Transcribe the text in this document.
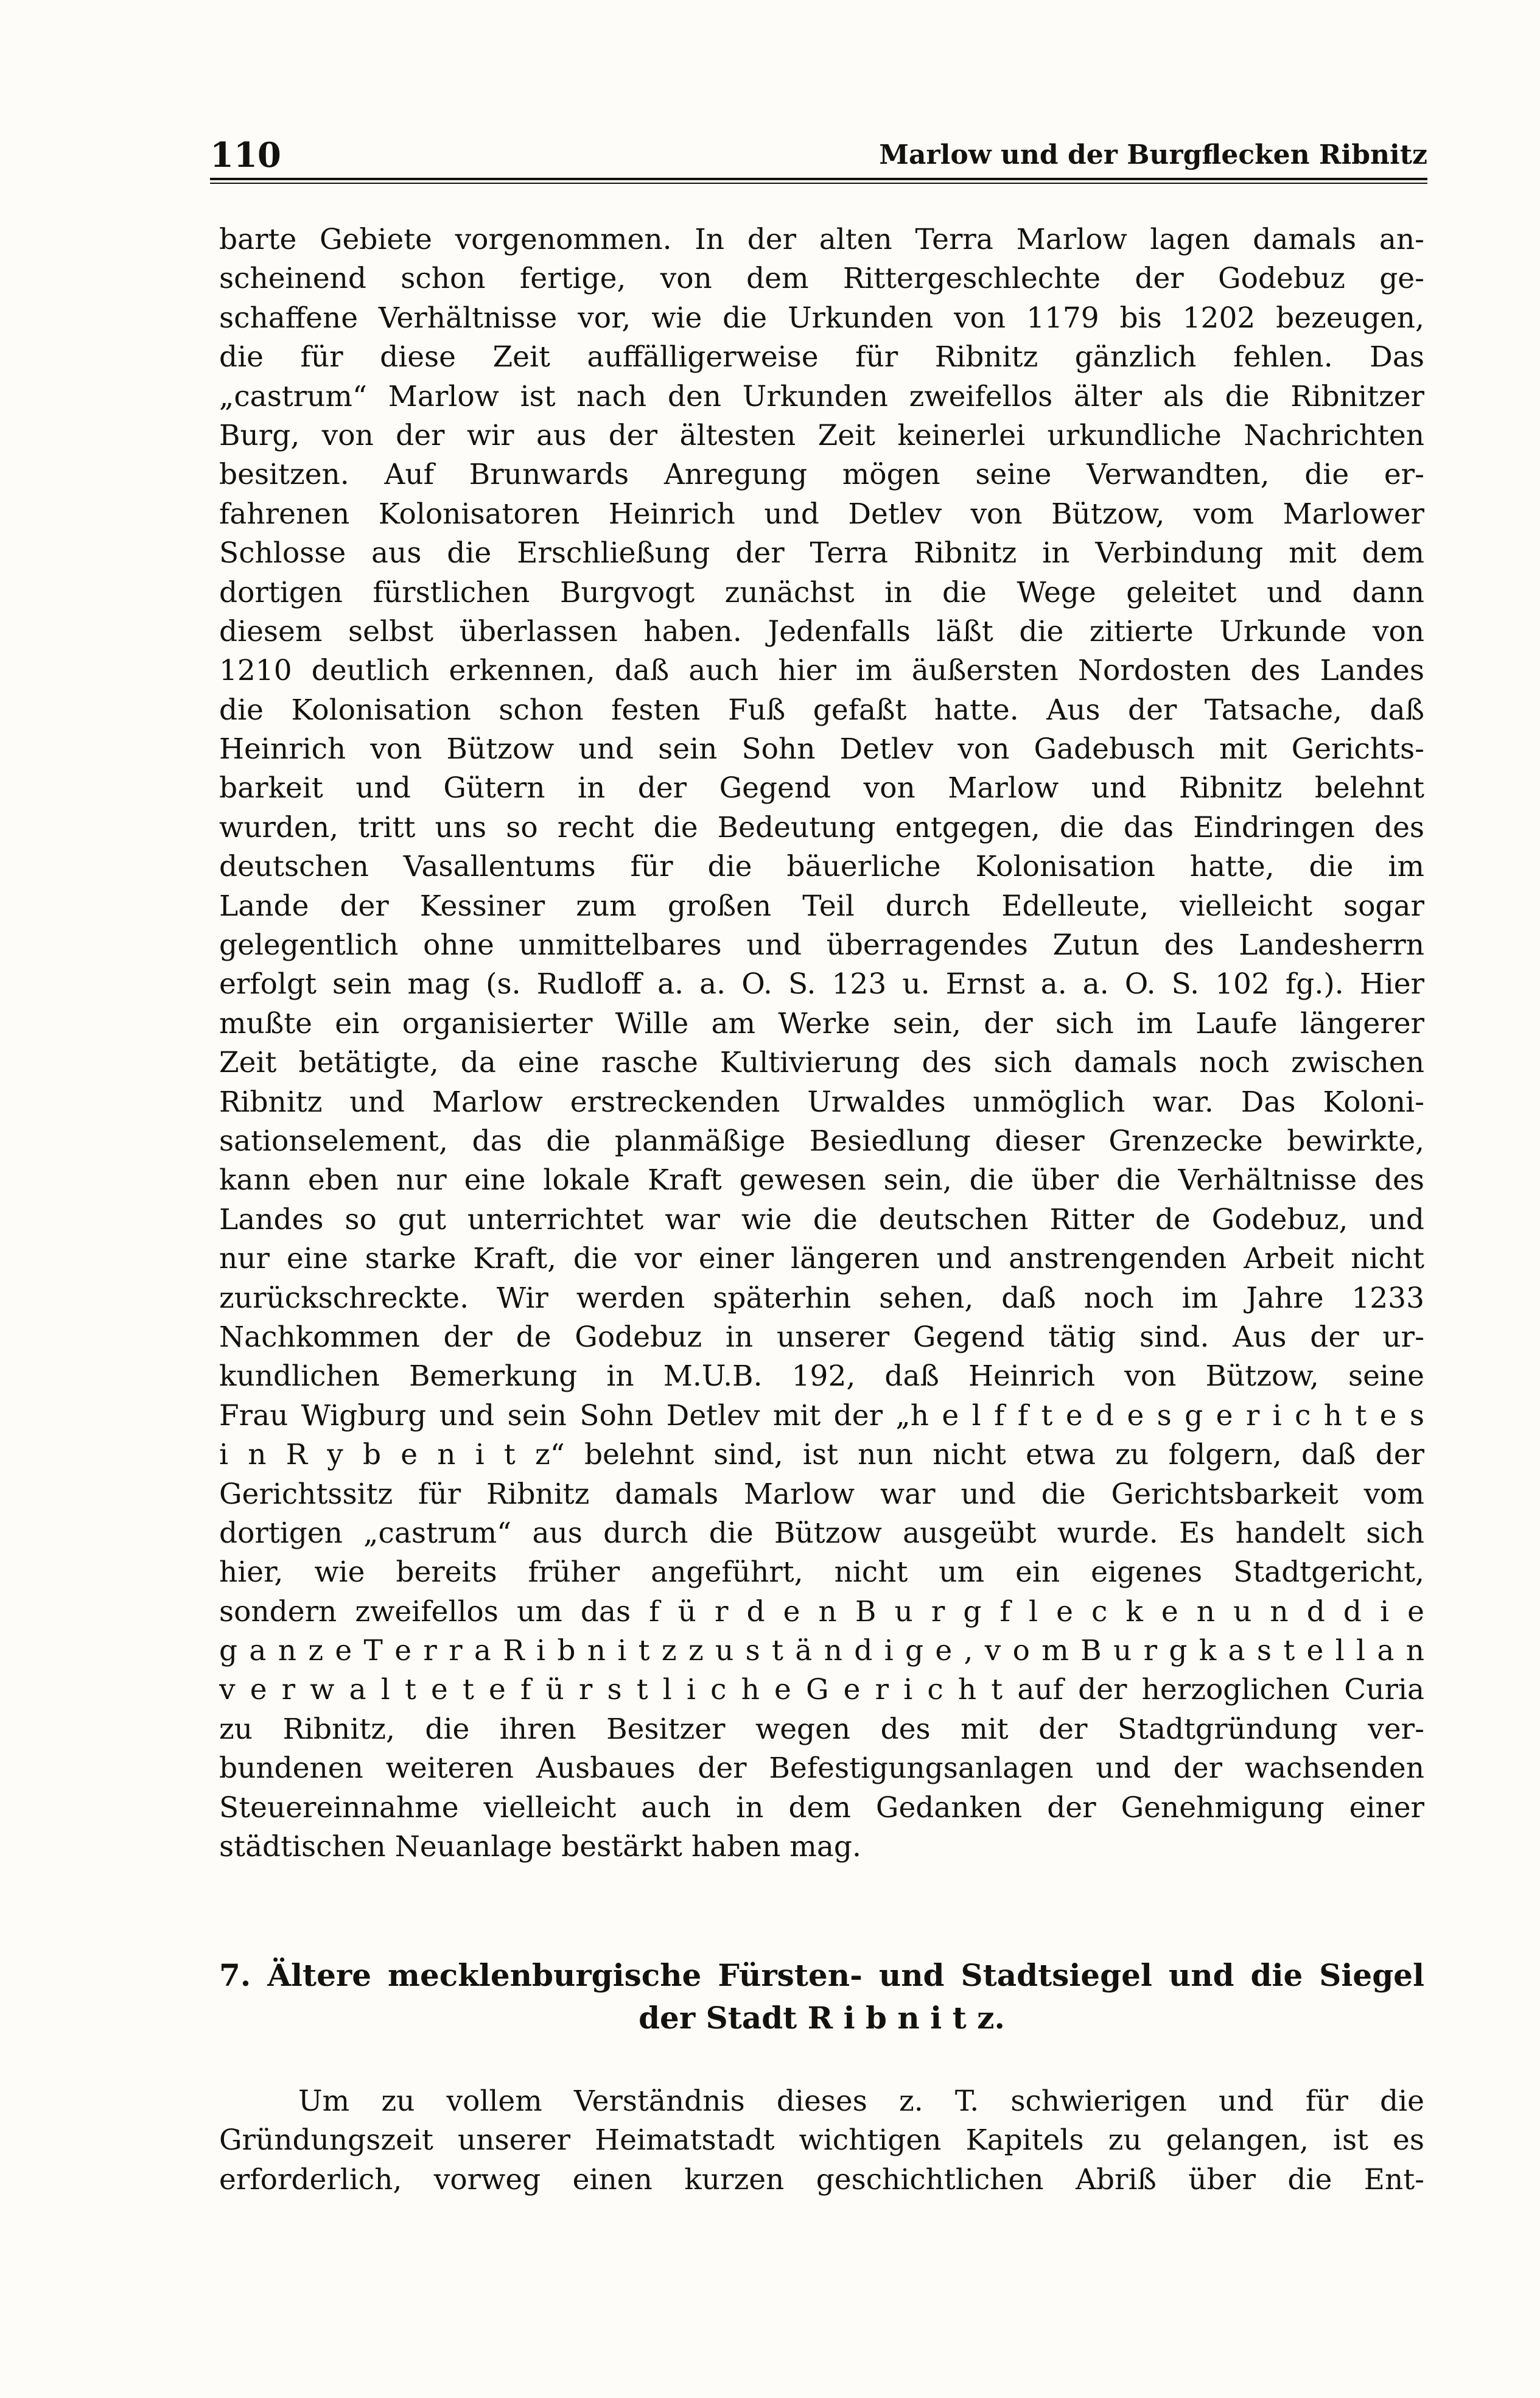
110	Marlow und der Burgflecken Ribnitz
barte Gebiete vorgenommen. In der alten Terra Marlow lagen damals an-
scheinend schon fertige, von dem Rittergeschlechte der Godebuz ge-
schaffene Verhältnisse vor, wie die Urkunden von 1179 bis 1202 bezeugen,
die für diese Zeit auffälligerweise für Ribnitz gänzlich fehlen. Das
„castrum“ Marlow ist nach den Urkunden zweifellos älter als die Ribnitzer
Burg, von der wir aus der ältesten Zeit keinerlei urkundliche Nachrichten
besitzen. Auf Brunwards Anregung mögen seine Verwandten, die er-
fahrenen Kolonisatoren Heinrich und Detlev von Bützow, vom Marlower
Schlosse aus die Erschließung der Terra Ribnitz in Verbindung mit dem
dortigen fürstlichen Burgvogt zunächst in die Wege geleitet und dann
diesem selbst überlassen haben. Jedenfalls läßt die zitierte Urkunde von
1210 deutlich erkennen, daß auch hier im äußersten Nordosten des Landes
die Kolonisation schon festen Fuß gefaßt hatte. Aus der Tatsache, daß
Heinrich von Bützow und sein Sohn Detlev von Gadebusch mit Gerichts-
barkeit und Gütern in der Gegend von Marlow und Ribnitz belehnt
wurden, tritt uns so recht die Bedeutung entgegen, die das Eindringen des
deutschen Vasallentums für die bäuerliche Kolonisation hatte, die im
Lande der Kessiner zum großen Teil durch Edelleute, vielleicht sogar
gelegentlich ohne unmittelbares und überragendes Zutun des Landesherrn
erfolgt sein mag (s. Rudloff a. a. O. S. 123 u. Ernst a. a. O. S. 102 fg.). Hier
mußte ein organisierter Wille am Werke sein, der sich im Laufe längerer
Zeit betätigte, da eine rasche Kultivierung des sich damals noch zwischen
Ribnitz und Marlow erstreckenden Urwaldes unmöglich war. Das Koloni-
sationselement, das die planmäßige Besiedlung dieser Grenzecke bewirkte,
kann eben nur eine lokale Kraft gewesen sein, die über die Verhältnisse des
Landes so gut unterrichtet war wie die deutschen Ritter de Godebuz, und
nur eine starke Kraft, die vor einer längeren und anstrengenden Arbeit nicht
zurückschreckte. Wir werden späterhin sehen, daß noch im Jahre 1233
Nachkommen der de Godebuz in unserer Gegend tätig sind. Aus der ur-
kundlichen Bemerkung in M.U.B. 192, daß Heinrich von Bützow, seine
Frau Wigburg und sein Sohn Detlev mit der „h e l f f t e d e s g e r i c h t e s
i n R y b e n i t z“ belehnt sind, ist nun nicht etwa zu folgern, daß der
Gerichtssitz für Ribnitz damals Marlow war und die Gerichtsbarkeit vom
dortigen „castrum“ aus durch die Bützow ausgeübt wurde. Es handelt sich
hier, wie bereits früher angeführt, nicht um ein eigenes Stadtgericht,
sondern zweifellos um das f ü r d e n B u r g f l e c k e n u n d d i e
g a n z e T e r r a R i b n i t z z u s t ä n d i g e , v o m B u r g k a s t e l l a n
v e r w a l t e t e f ü r s t l i c h e G e r i c h t auf der herzoglichen Curia
zu Ribnitz, die ihren Besitzer wegen des mit der Stadtgründung ver-
bundenen weiteren Ausbaues der Befestigungsanlagen und der wachsenden
Steuereinnahme vielleicht auch in dem Gedanken der Genehmigung einer
städtischen Neuanlage bestärkt haben mag.
7. Ältere mecklenburgische Fürsten- und Stadtsiegel und die Siegel
der Stadt R i b n i t z.
Um zu vollem Verständnis dieses z. T. schwierigen und für die
Gründungszeit unserer Heimatstadt wichtigen Kapitels zu gelangen, ist es
erforderlich, vorweg einen kurzen geschichtlichen Abriß über die Ent-
